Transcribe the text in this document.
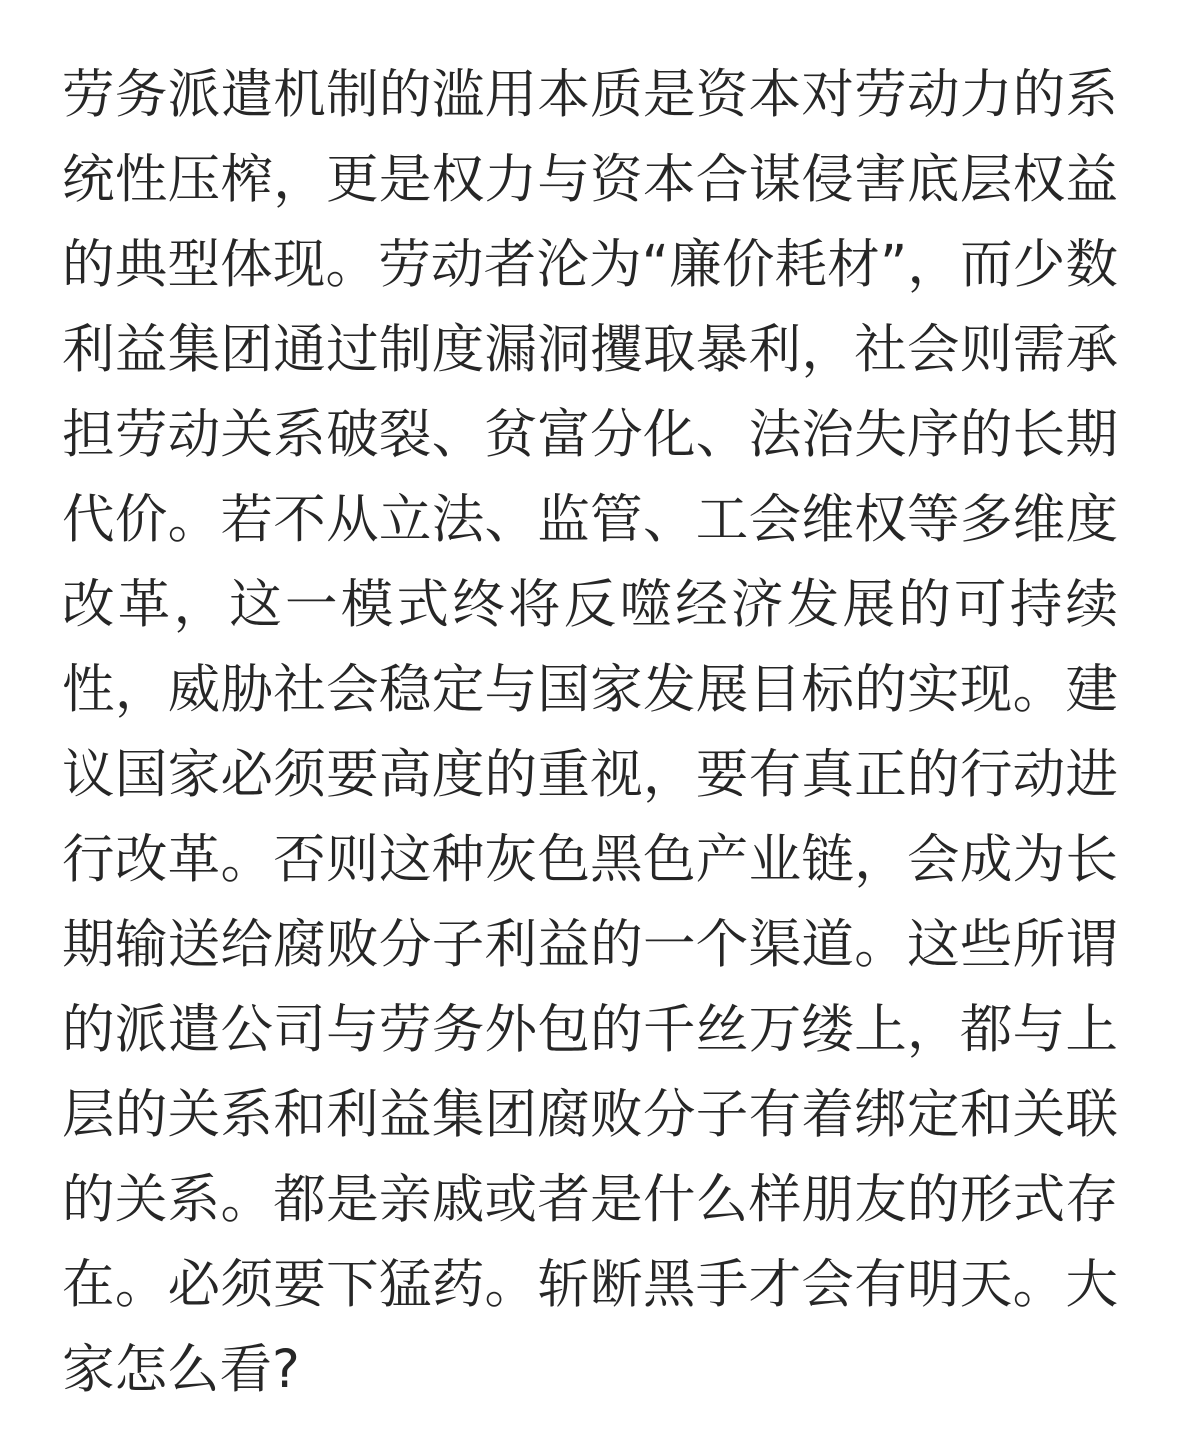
劳务派遣机制的滥用本质是资本对劳动力的系统性压榨，更是权力与资本合谋侵害底层权益的典型体现。劳动者沦为“廉价耗材”，而少数利益集团通过制度漏洞攫取暴利，社会则需承担劳动关系破裂、贫富分化、法治失序的长期代价。若不从立法、监管、工会维权等多维度改革，这一模式终将反噬经济发展的可持续性，威胁社会稳定与国家发展目标的实现。建议国家必须要高度的重视，要有真正的行动进行改革。否则这种灰色黑色产业链，会成为长期输送给腐败分子利益的一个渠道。这些所谓的派遣公司与劳务外包的千丝万缕上，都与上层的关系和利益集团腐败分子有着绑定和关联的关系。都是亲戚或者是什么样朋友的形式存在。必须要下猛药。斩断黑手才会有明天。大家怎么看?
